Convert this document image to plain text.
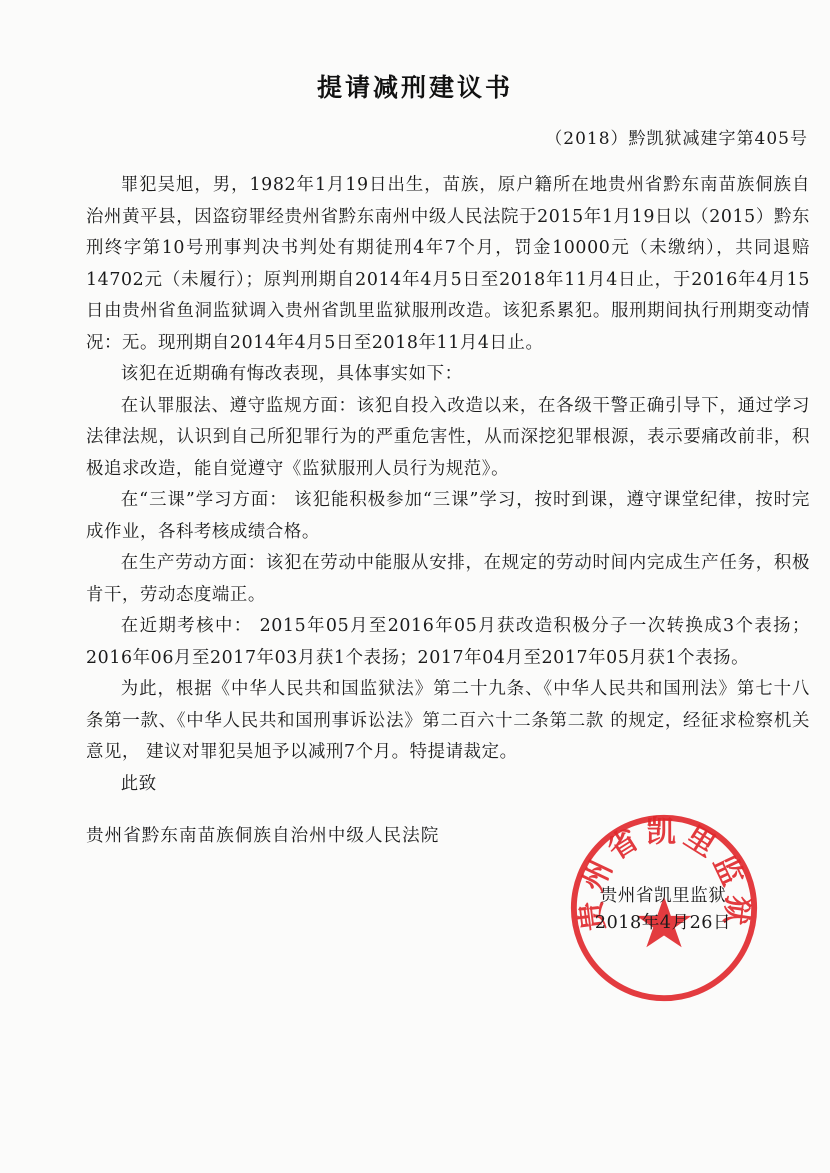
提请减刑建议书
（2018）黔凯狱减建字第405号

罪犯吴旭，男，1982年1月19日出生，苗族，原户籍所在地贵州省黔东南苗族侗族自治州黄平县，因盗窃罪经贵州省黔东南州中级人民法院于2015年1月19日以（2015）黔东刑终字第10号刑事判决书判处有期徒刑4年7个月，罚金10000元（未缴纳），共同退赔14702元（未履行）；原判刑期自2014年4月5日至2018年11月4日止，于2016年4月15日由贵州省鱼洞监狱调入贵州省凯里监狱服刑改造。该犯系累犯。服刑期间执行刑期变动情况：无。现刑期自2014年4月5日至2018年11月4日止。

该犯在近期确有悔改表现，具体事实如下：

在认罪服法、遵守监规方面：该犯自投入改造以来，在各级干警正确引导下，通过学习法律法规，认识到自己所犯罪行为的严重危害性，从而深挖犯罪根源，表示要痛改前非，积极追求改造，能自觉遵守《监狱服刑人员行为规范》。

在“三课”学习方面： 该犯能积极参加“三课”学习，按时到课，遵守课堂纪律，按时完成作业，各科考核成绩合格。

在生产劳动方面：该犯在劳动中能服从安排，在规定的劳动时间内完成生产任务，积极肯干，劳动态度端正。

在近期考核中： 2015年05月至2016年05月获改造积极分子一次转换成3个表扬；2016年06月至2017年03月获1个表扬；2017年04月至2017年05月获1个表扬。

为此，根据《中华人民共和国监狱法》第二十九条、《中华人民共和国刑法》第七十八条第一款、《中华人民共和国刑事诉讼法》第二百六十二条第二款 的规定，经征求检察机关意见， 建议对罪犯吴旭予以减刑7个月。特提请裁定。

此致

贵州省黔东南苗族侗族自治州中级人民法院
贵州省凯里监狱
贵州省凯里监狱
2018年4月26日
